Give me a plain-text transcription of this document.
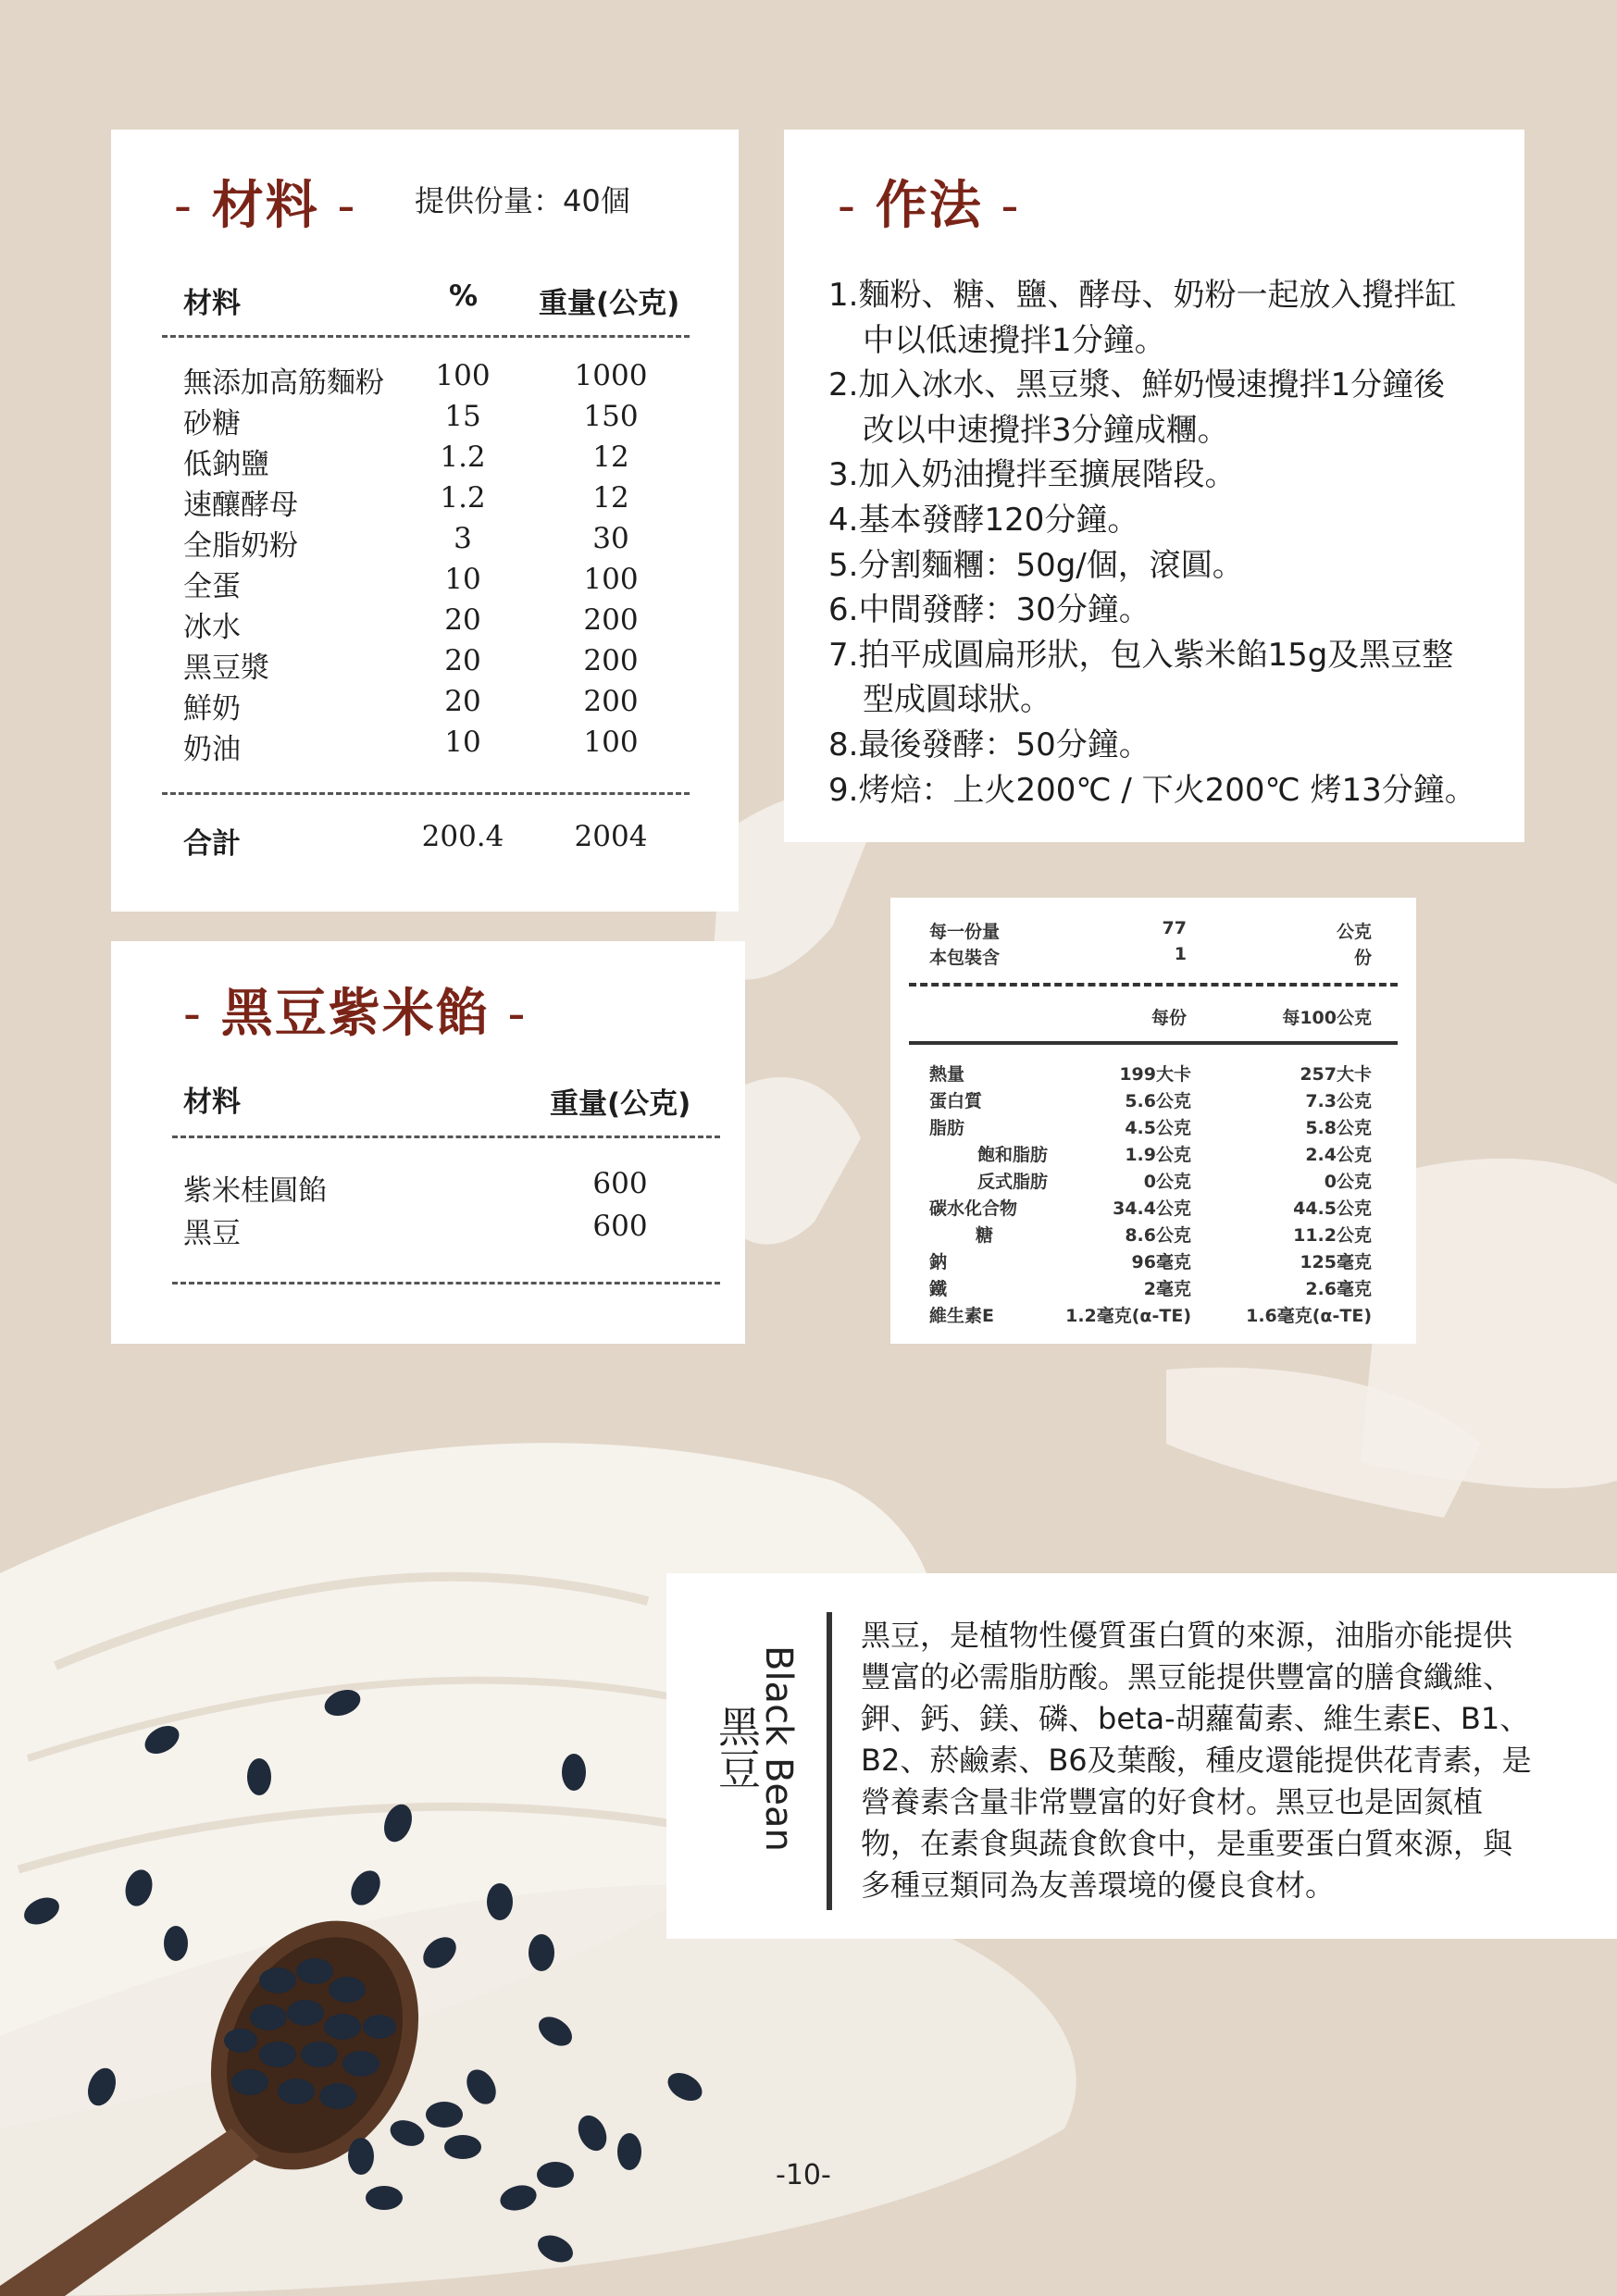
- 材料 - 提供份量：40個
材料	% 重量(公克)
無添加高筋麵粉	100	1000
砂糖	15	150
低鈉鹽	1.2	12
速釀酵母	1.2	12
全脂奶粉	3	30
全蛋	10	100
冰水	20	200
黑豆漿	20	200
鮮奶	20	200
奶油	10	100
合計	200.4	2004
- 作法 -
1.麵粉、糖、鹽、酵母、奶粉一起放入攪拌缸
中以低速攪拌1分鐘。
2.加入冰水、黑豆漿、鮮奶慢速攪拌1分鐘後
改以中速攪拌3分鐘成糰。
3.加入奶油攪拌至擴展階段。
4.基本發酵120分鐘。
5.分割麵糰：50g/個，滾圓。
6.中間發酵：30分鐘。
7.拍平成圓扁形狀，包入紫米餡15g及黑豆整
型成圓球狀。
8.最後發酵：50分鐘。
9.烤焙：上火200℃ / 下火200℃ 烤13分鐘。
- 黑豆紫米餡 -
材料	重量(公克)
紫米桂圓餡	600
黑豆	600
每一份量	77	公克
本包裝含	1	份
每份	每100公克
熱量	199大卡	257大卡
蛋白質	5.6公克	7.3公克
脂肪	4.5公克	5.8公克
飽和脂肪	1.9公克	2.4公克
反式脂肪	0公克	0公克
碳水化合物	34.4公克	44.5公克
糖	8.6公克	11.2公克
鈉	96毫克	125毫克
鐵	2毫克	2.6毫克
維生素E	1.2毫克(α-TE)	1.6毫克(α-TE)
Black Bean
黑豆
黑豆，是植物性優質蛋白質的來源，油脂亦能提供
豐富的必需脂肪酸。黑豆能提供豐富的膳食纖維、
鉀、鈣、鎂、磷、beta-胡蘿蔔素、維生素E、B1、
B2、菸鹼素、B6及葉酸，種皮還能提供花青素，是
營養素含量非常豐富的好食材。黑豆也是固氮植
物，在素食與蔬食飲食中，是重要蛋白質來源，與
多種豆類同為友善環境的優良食材。
-10-
